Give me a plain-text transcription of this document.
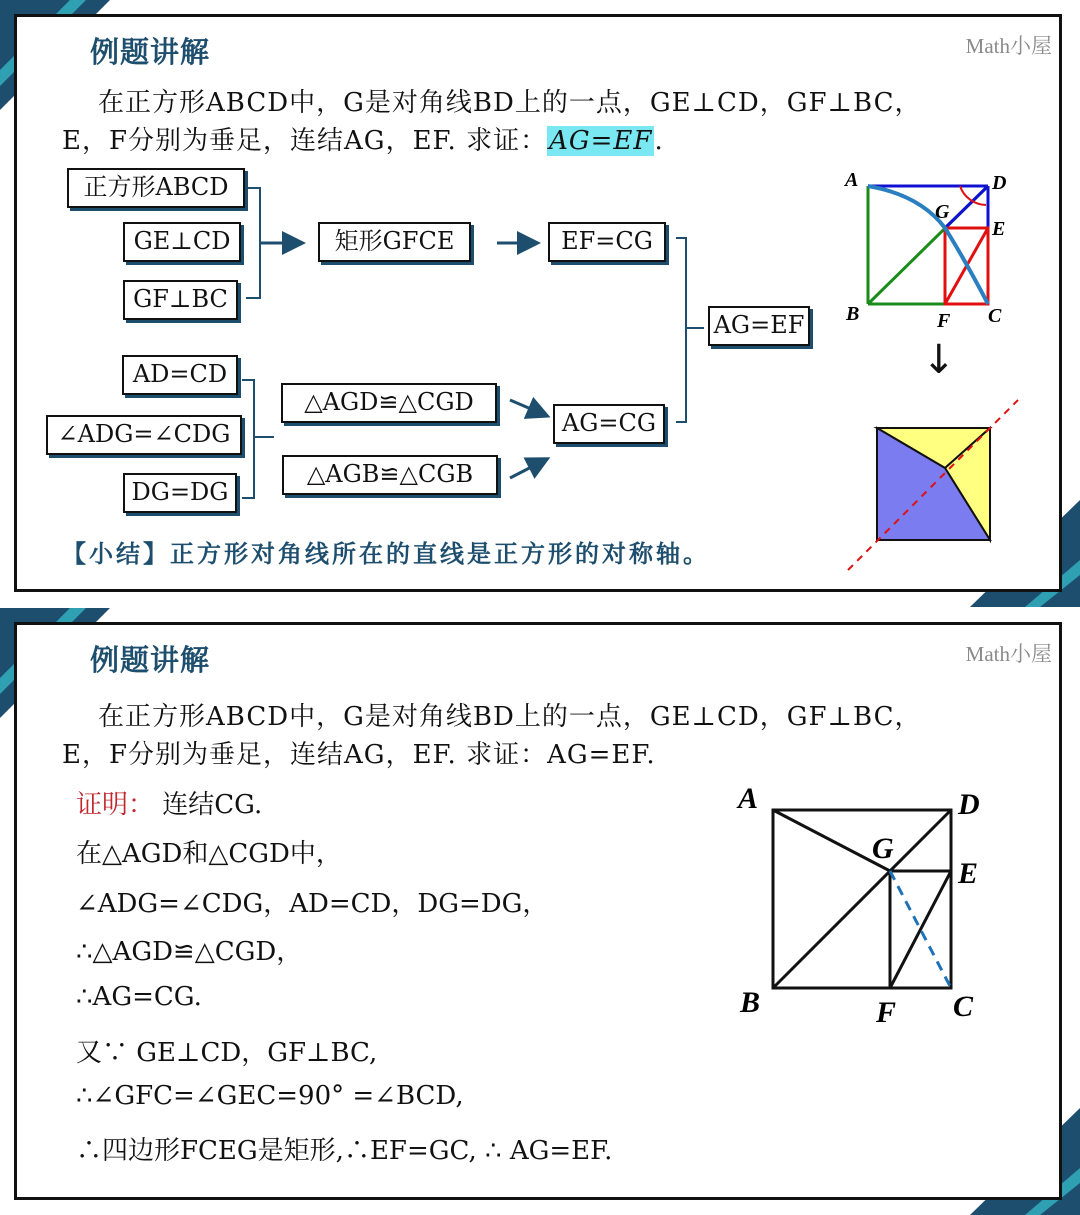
例题讲解	Math小屋
在正方形ABCD中，G是对角线BD上的一点，GE⊥CD，GF⊥BC，
E，F分别为垂足，连结AG，EF. 求证：AG=EF.
正方形ABCD
GE⊥CD
GF⊥BC
矩形GFCE	EF=CG
AG=EF
AD=CD
∠ADG=∠CDG
DG=DG
△AGD≌△CGD
△AGB≌△CGB
AG=CG
A	D
G
E
B	F C
↓
【小结】正方形对角线所在的直线是正方形的对称轴。
例题讲解	Math小屋
在正方形ABCD中，G是对角线BD上的一点，GE⊥CD，GF⊥BC，
E，F分别为垂足，连结AG，EF. 求证：AG=EF.
证明： 连结CG.
在△AGD和△CGD中，
∠ADG=∠CDG，AD=CD，DG=DG，
∴△AGD≌△CGD，
∴AG=CG.
又∵ GE⊥CD，GF⊥BC,
∴∠GFC=∠GEC=90° =∠BCD,
∴四边形FCEG是矩形,∴EF=GC, ∴ AG=EF.
A	D
G
E
B	F C
